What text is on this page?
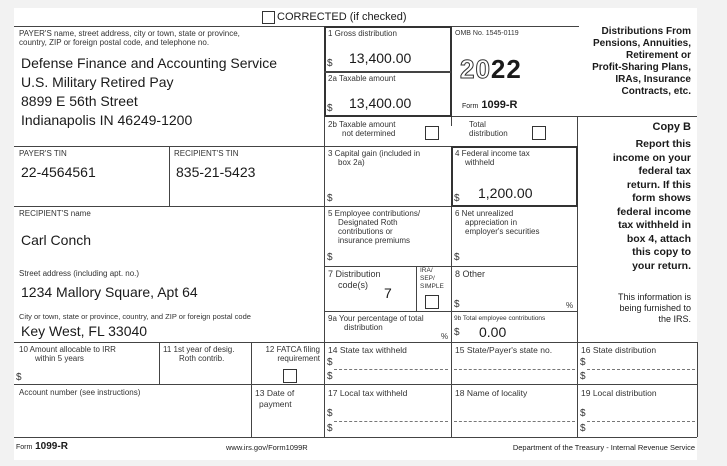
CORRECTED (if checked)
PAYER'S name, street address, city or town, state or province,
country, ZIP or foreign postal code, and telephone no.
Defense Finance and Accounting Service
U.S. Military Retired Pay
8899 E 56th Street
Indianapolis IN 46249-1200
1 Gross distribution
$ 13,400.00
2a Taxable amount
$ 13,400.00
OMB No. 1545-0119
2022
Form 1099-R
Distributions From
Pensions, Annuities,
Retirement or
Profit-Sharing Plans,
IRAs, Insurance
Contracts, etc.
2b Taxable amount
not determined
Total
distribution
Copy B
Report this
income on your
federal tax
return. If this
form shows
federal income
tax withheld in
box 4, attach
this copy to
your return.
This information is
being furnished to
the IRS.
PAYER'S TIN
22-4564561
RECIPIENT'S TIN
835-21-5423
3 Capital gain (included in
box 2a)
$
4 Federal income tax
withheld
$ 1,200.00
RECIPIENT'S name
Carl Conch
5 Employee contributions/
Designated Roth
contributions or
insurance premiums
$
6 Net unrealized
appreciation in
employer's securities
$
Street address (including apt. no.)
1234 Mallory Square, Apt 64
7 Distribution
code(s)	7
IRA/
SEP/
SIMPLE
8 Other
$	%
City or town, state or province, country, and ZIP or foreign postal code
Key West, FL 33040
9a Your percentage of total
distribution
%
9b Total employee contributions
$ 0.00
10 Amount allocable to IRR
within 5 years
$
11 1st year of desig.
Roth contrib.
12 FATCA filing
requirement
14 State tax withheld
$
$
15 State/Payer's state no.	16 State distribution
$
$
Account number (see instructions)	13 Date of
payment
17 Local tax withheld
$
$
18 Name of locality	19 Local distribution
$
$
Form 1099-R	www.irs.gov/Form1099R	Department of the Treasury - Internal Revenue Service
